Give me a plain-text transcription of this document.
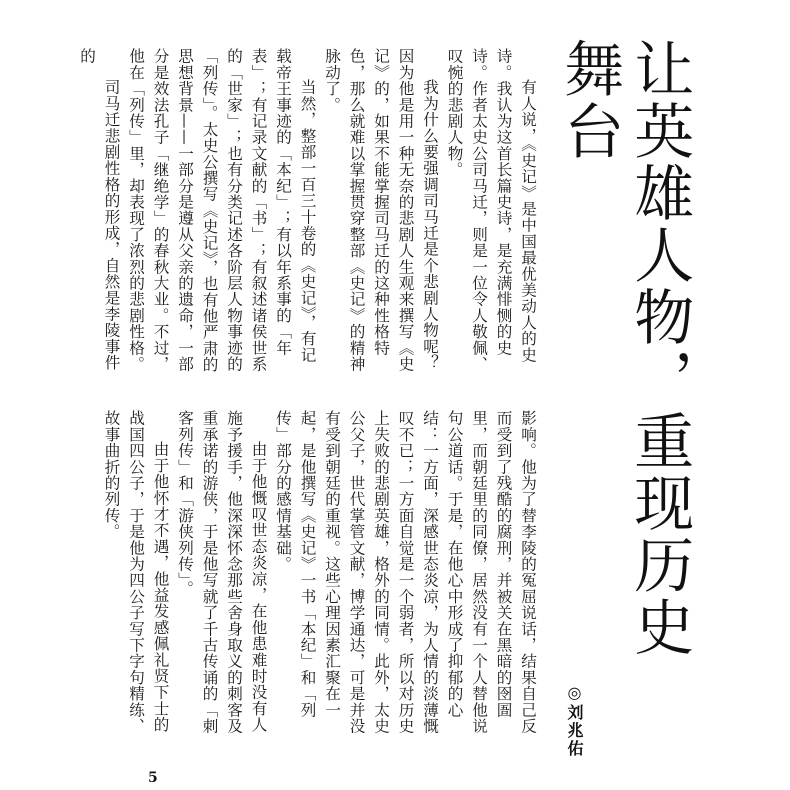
让英雄人物，重现历史舞台
◎刘兆佑

有人说，《史记》是中国最优美动人的史诗。我认为这首长篇史诗，是充满悱恻的史诗。作者太史公司马迁，则是一位令人敬佩、叹惋的悲剧人物。

我为什么要强调司马迁是个悲剧人物呢？因为他是用一种无奈的悲剧人生观来撰写《史记》的，如果不能掌握司马迁的这种性格特色，那么就难以掌握贯穿整部《史记》的精神脉动了。

当然，整部一百三十卷的《史记》，有记载帝王事迹的「本纪」；有以年系事的「年表」；有记录文献的「书」；有叙述诸侯世系的「世家」；也有分类记述各阶层人物事迹的「列传」。太史公撰写《史记》，也有他严肃的思想背景——一部分是遵从父亲的遗命，一部分是效法孔子「继绝学」的春秋大业。不过，他在「列传」里，却表现了浓烈的悲剧性格。

司马迁悲剧性格的形成，自然是李陵事件的

影响。他为了替李陵的冤屈说话，结果自己反而受到了残酷的腐刑，并被关在黑暗的囹圄里，而朝廷里的同僚，居然没有一个人替他说句公道话。于是，在他心中形成了抑郁的心结：一方面，深感世态炎凉，为人情的淡薄慨叹不已；一方面自觉是一个弱者，所以对历史上失败的悲剧英雄，格外的同情。此外，太史公父子，世代掌管文献，博学通达，可是并没有受到朝廷的重视。这些心理因素汇聚在一起，是他撰写《史记》一书「本纪」和「列传」部分的感情基础。

由于他慨叹世态炎凉，在他患难时没有人施予援手，他深深怀念那些舍身取义的刺客及重承诺的游侠，于是他写就了千古传诵的「刺客列传」和「游侠列传」。

由于他怀才不遇，他益发感佩礼贤下士的战国四公子，于是他为四公子写下字句精练、故事曲折的列传。

5
